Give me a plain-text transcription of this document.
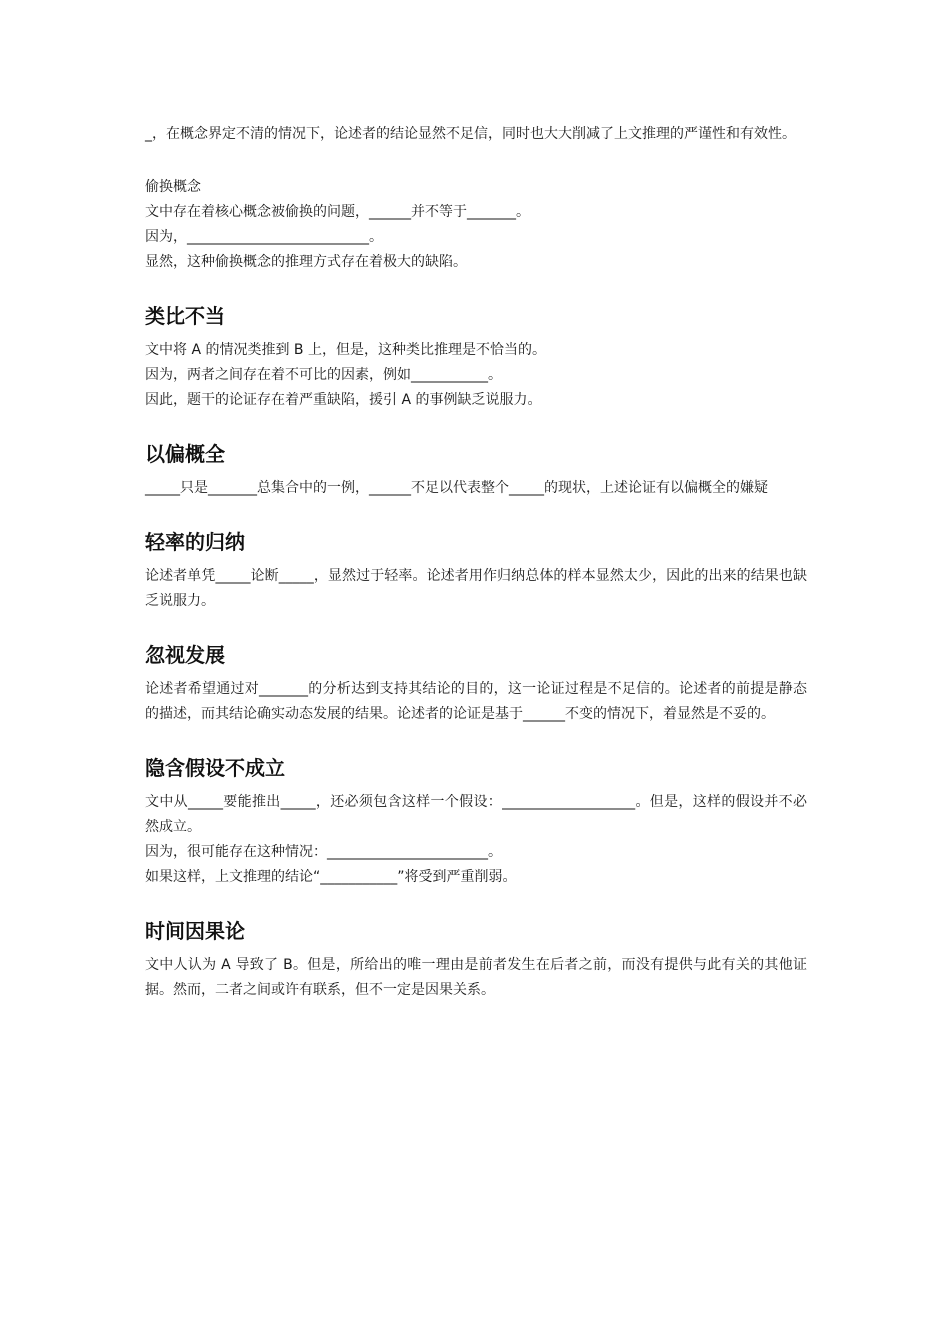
_，在概念界定不清的情况下，论述者的结论显然不足信，同时也大大削减了上文推理的严谨性和有效性。

偷换概念

文中存在着核心概念被偷换的问题，______并不等于_______。

因为，__________________________。

显然，这种偷换概念的推理方式存在着极大的缺陷。

类比不当

文中将 A 的情况类推到 B 上，但是，这种类比推理是不恰当的。

因为，两者之间存在着不可比的因素，例如___________。

因此，题干的论证存在着严重缺陷，援引 A 的事例缺乏说服力。

以偏概全

_____只是_______总集合中的一例，______不足以代表整个_____的现状，上述论证有以偏概全的嫌疑

轻率的归纳

论述者单凭_____论断_____，显然过于轻率。论述者用作归纳总体的样本显然太少，因此的出来的结果也缺乏说服力。

忽视发展

论述者希望通过对_______的分析达到支持其结论的目的，这一论证过程是不足信的。论述者的前提是静态的描述，而其结论确实动态发展的结果。论述者的论证是基于______不变的情况下，着显然是不妥的。

隐含假设不成立

文中从_____要能推出_____，还必须包含这样一个假设：___________________。但是，这样的假设并不必然成立。

因为，很可能存在这种情况：_______________________。

如果这样，上文推理的结论“___________”将受到严重削弱。

时间因果论

文中人认为 A 导致了 B。但是，所给出的唯一理由是前者发生在后者之前，而没有提供与此有关的其他证据。然而，二者之间或许有联系，但不一定是因果关系。
